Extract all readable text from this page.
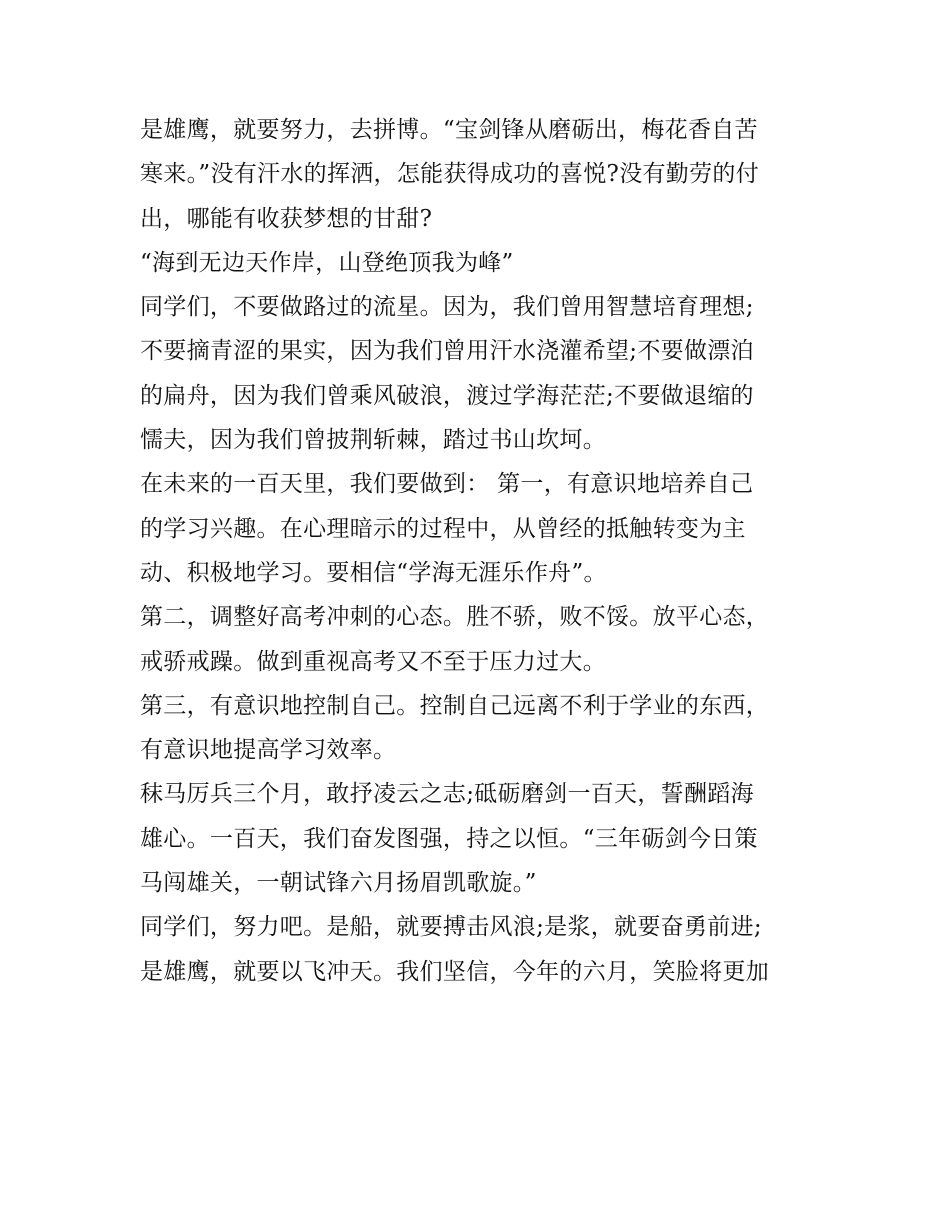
是雄鹰，就要努力，去拼博。“宝剑锋从磨砺出，梅花香自苦
寒来。”没有汗水的挥洒，怎能获得成功的喜悦?没有勤劳的付
出，哪能有收获梦想的甘甜?
“海到无边天作岸，山登绝顶我为峰”
同学们，不要做路过的流星。因为，我们曾用智慧培育理想;
不要摘青涩的果实，因为我们曾用汗水浇灌希望;不要做漂泊
的扁舟，因为我们曾乘风破浪，渡过学海茫茫;不要做退缩的
懦夫，因为我们曾披荆斩棘，踏过书山坎坷。
在未来的一百天里，我们要做到： 第一，有意识地培养自己
的学习兴趣。在心理暗示的过程中，从曾经的抵触转变为主
动、积极地学习。要相信“学海无涯乐作舟”。
第二，调整好高考冲刺的心态。胜不骄，败不馁。放平心态，
戒骄戒躁。做到重视高考又不至于压力过大。
第三，有意识地控制自己。控制自己远离不利于学业的东西，
有意识地提高学习效率。
秣马厉兵三个月，敢抒凌云之志;砥砺磨剑一百天，誓酬蹈海
雄心。一百天，我们奋发图强，持之以恒。“三年砺剑今日策
马闯雄关，一朝试锋六月扬眉凯歌旋。”
同学们，努力吧。是船，就要搏击风浪;是浆，就要奋勇前进;
是雄鹰，就要以飞冲天。我们坚信，今年的六月，笑脸将更加
